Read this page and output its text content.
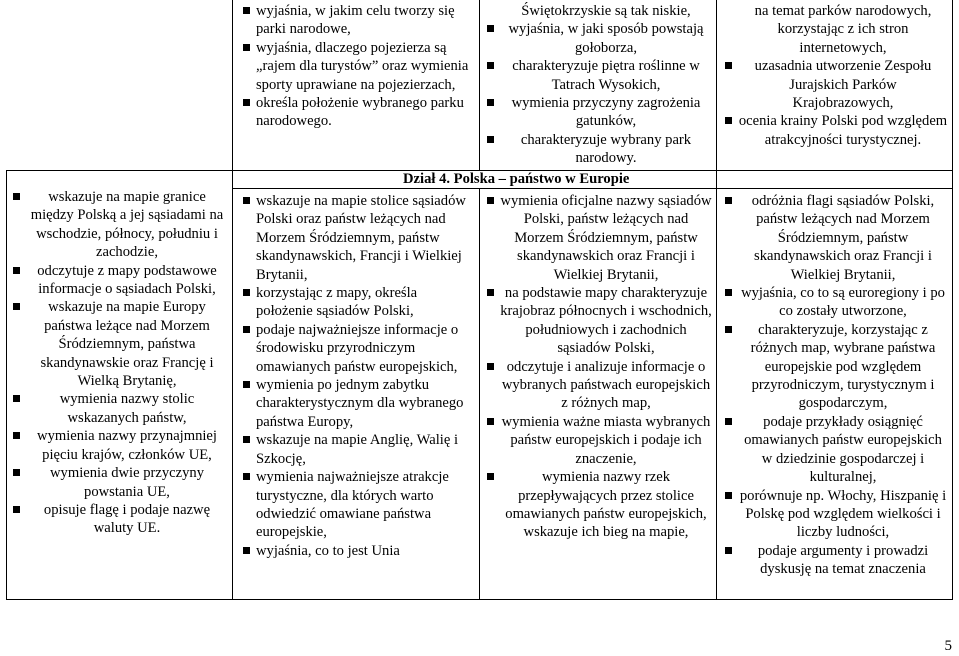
wyjaśnia, w jakim celu tworzy się parki narodowe,
wyjaśnia, dlaczego pojezierza są „rajem dla turystów” oraz wymienia sporty uprawiane na pojezierzach,
określa położenie wybranego parku narodowego.
Świętokrzyskie są tak niskie,
wyjaśnia, w jaki sposób powstają gołoborza,
charakteryzuje piętra roślinne w Tatrach Wysokich,
wymienia przyczyny zagrożenia gatunków,
charakteryzuje wybrany park narodowy.
na temat parków narodowych, korzystając z ich stron internetowych,
uzasadnia utworzenie Zespołu Jurajskich Parków Krajobrazowych,
ocenia krainy Polski pod względem atrakcyjności turystycznej.
Dział 4. Polska – państwo w Europie
wskazuje na mapie granice między Polską a jej sąsiadami na wschodzie, północy, południu i zachodzie,
odczytuje z mapy podstawowe informacje o sąsiadach Polski,
wskazuje na mapie Europy państwa leżące nad Morzem Śródziemnym, państwa skandynawskie oraz Francję i Wielką Brytanię,
wymienia nazwy stolic wskazanych państw,
wymienia nazwy przynajmniej pięciu krajów, członków UE,
wymienia dwie przyczyny powstania UE,
opisuje flagę i podaje nazwę waluty UE.
wskazuje na mapie stolice sąsiadów Polski oraz państw leżących nad Morzem Śródziemnym, państw skandynawskich, Francji i Wielkiej Brytanii,
korzystając z mapy, określa położenie sąsiadów Polski,
podaje najważniejsze informacje o środowisku przyrodniczym omawianych państw europejskich,
wymienia po jednym zabytku charakterystycznym dla wybranego państwa Europy,
wskazuje na mapie Anglię, Walię i Szkocję,
wymienia najważniejsze atrakcje turystyczne, dla których warto odwiedzić omawiane państwa europejskie,
wyjaśnia, co to jest Unia
wymienia oficjalne nazwy sąsiadów Polski, państw leżących nad Morzem Śródziemnym, państw skandynawskich oraz Francji i Wielkiej Brytanii,
na podstawie mapy charakteryzuje krajobraz północnych i wschodnich, południowych i zachodnich sąsiadów Polski,
odczytuje i analizuje informacje o wybranych państwach europejskich z różnych map,
wymienia ważne miasta wybranych państw europejskich i podaje ich znaczenie,
wymienia nazwy rzek przepływających przez stolice omawianych państw europejskich, wskazuje ich bieg na mapie,
odróżnia flagi sąsiadów Polski, państw leżących nad Morzem Śródziemnym, państw skandynawskich oraz Francji i Wielkiej Brytanii,
wyjaśnia, co to są euroregiony i po co zostały utworzone,
charakteryzuje, korzystając z różnych map, wybrane państwa europejskie pod względem przyrodniczym, turystycznym i gospodarczym,
podaje przykłady osiągnięć omawianych państw europejskich w dziedzinie gospodarczej i kulturalnej,
porównuje np. Włochy, Hiszpanię i Polskę pod względem wielkości i liczby ludności,
podaje argumenty i prowadzi dyskusję na temat znaczenia
5
